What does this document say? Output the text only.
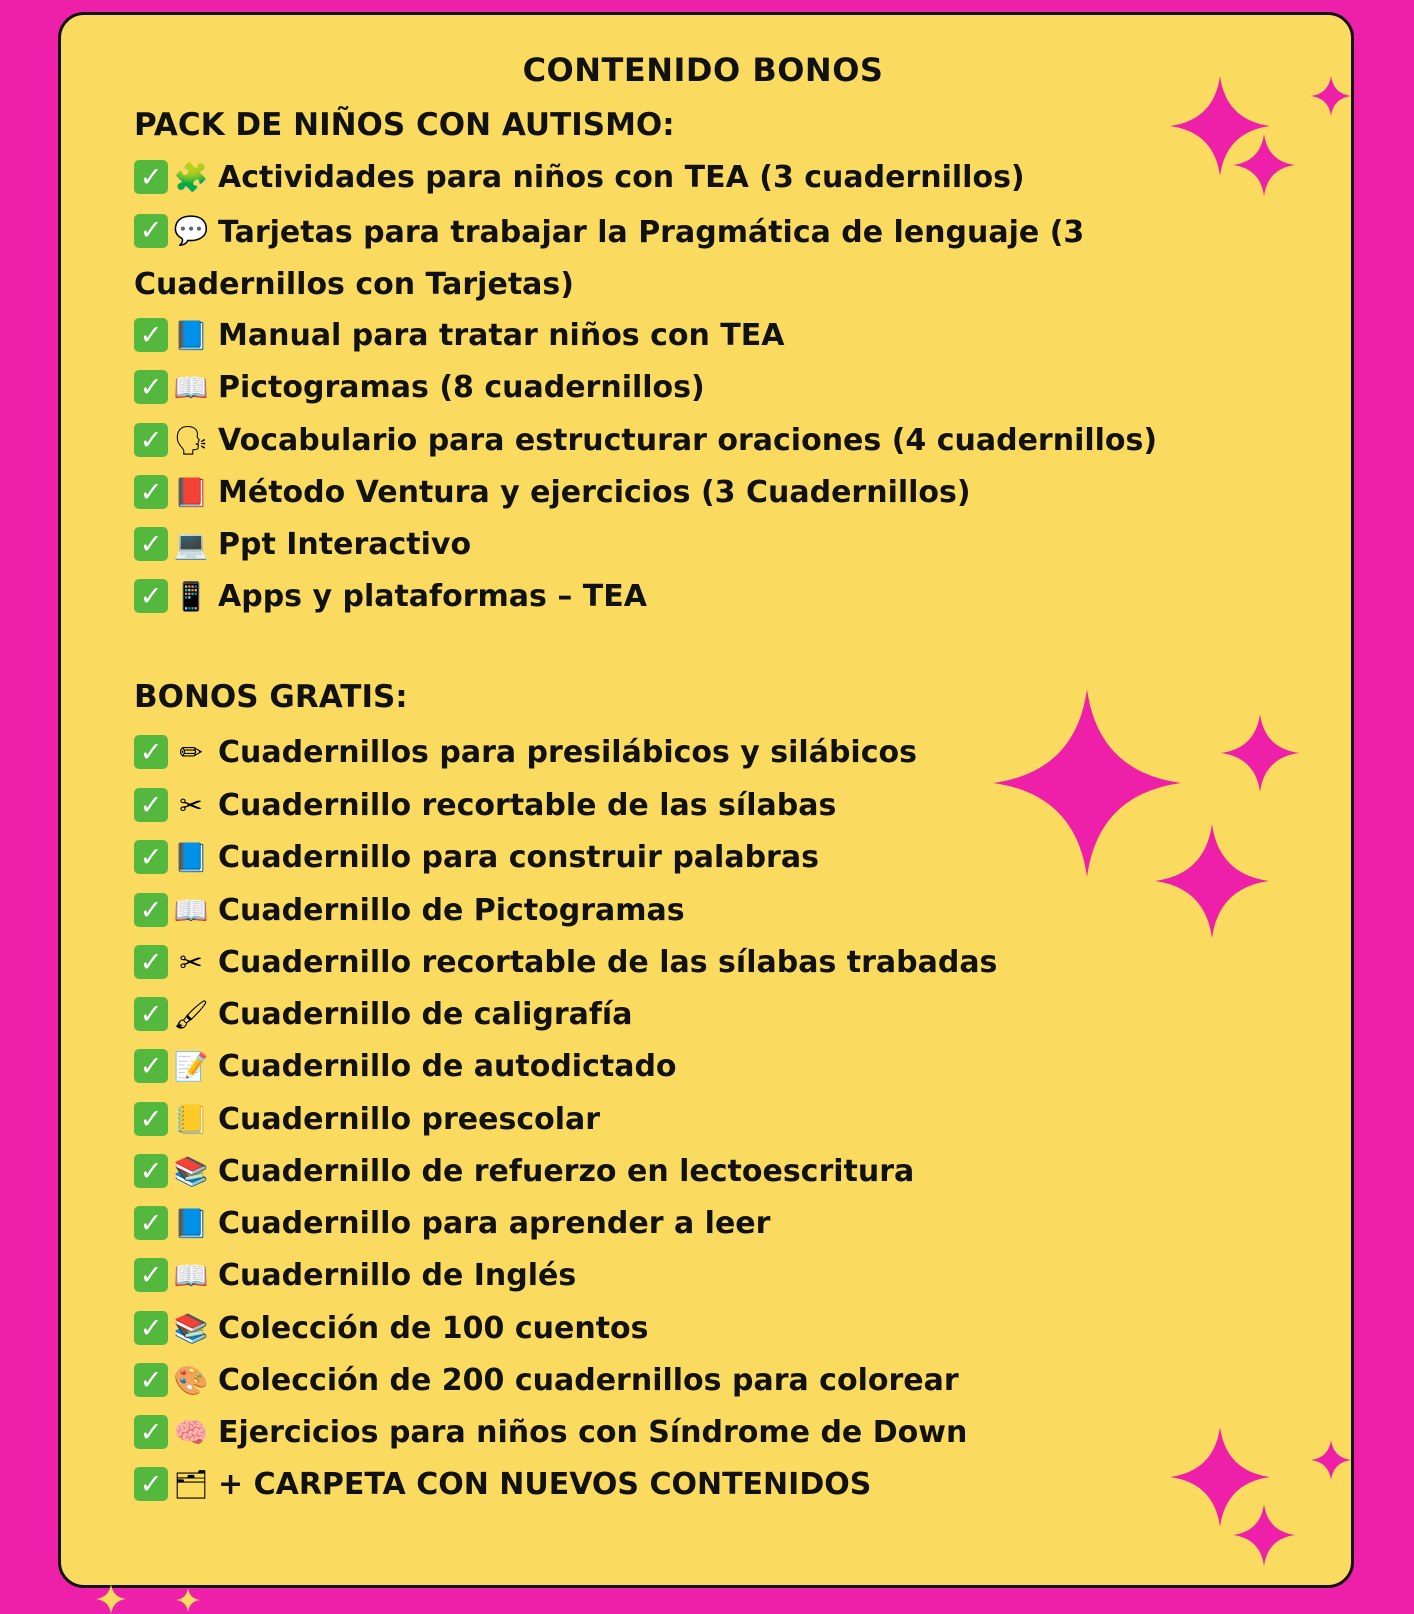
CONTENIDO BONOS
PACK DE NIÑOS CON AUTISMO:
✓ 🧩 Actividades para niños con TEA (3 cuadernillos)
✓ 💬 Tarjetas para trabajar la Pragmática de lenguaje (3 Cuadernillos con Tarjetas)
✓ 📘 Manual para tratar niños con TEA
✓ 📖 Pictogramas (8 cuadernillos)
✓ 🗣 Vocabulario para estructurar oraciones (4 cuadernillos)
✓ 📕 Método Ventura y ejercicios (3 Cuadernillos)
✓ 💻 Ppt Interactivo
✓ 📱 Apps y plataformas – TEA
BONOS GRATIS:
✓ ✏ Cuadernillos para presilábicos y silábicos
✓ ✂ Cuadernillo recortable de las sílabas
✓ 📘 Cuadernillo para construir palabras
✓ 📖 Cuadernillo de Pictogramas
✓ ✂ Cuadernillo recortable de las sílabas trabadas
✓ 🖌 Cuadernillo de caligrafía
✓ 📝 Cuadernillo de autodictado
✓ 📒 Cuadernillo preescolar
✓ 📚 Cuadernillo de refuerzo en lectoescritura
✓ 📘 Cuadernillo para aprender a leer
✓ 📖 Cuadernillo de Inglés
✓ 📚 Colección de 100 cuentos
✓ 🎨 Colección de 200 cuadernillos para colorear
✓ 🧠 Ejercicios para niños con Síndrome de Down
✓ 🗂 + CARPETA CON NUEVOS CONTENIDOS
